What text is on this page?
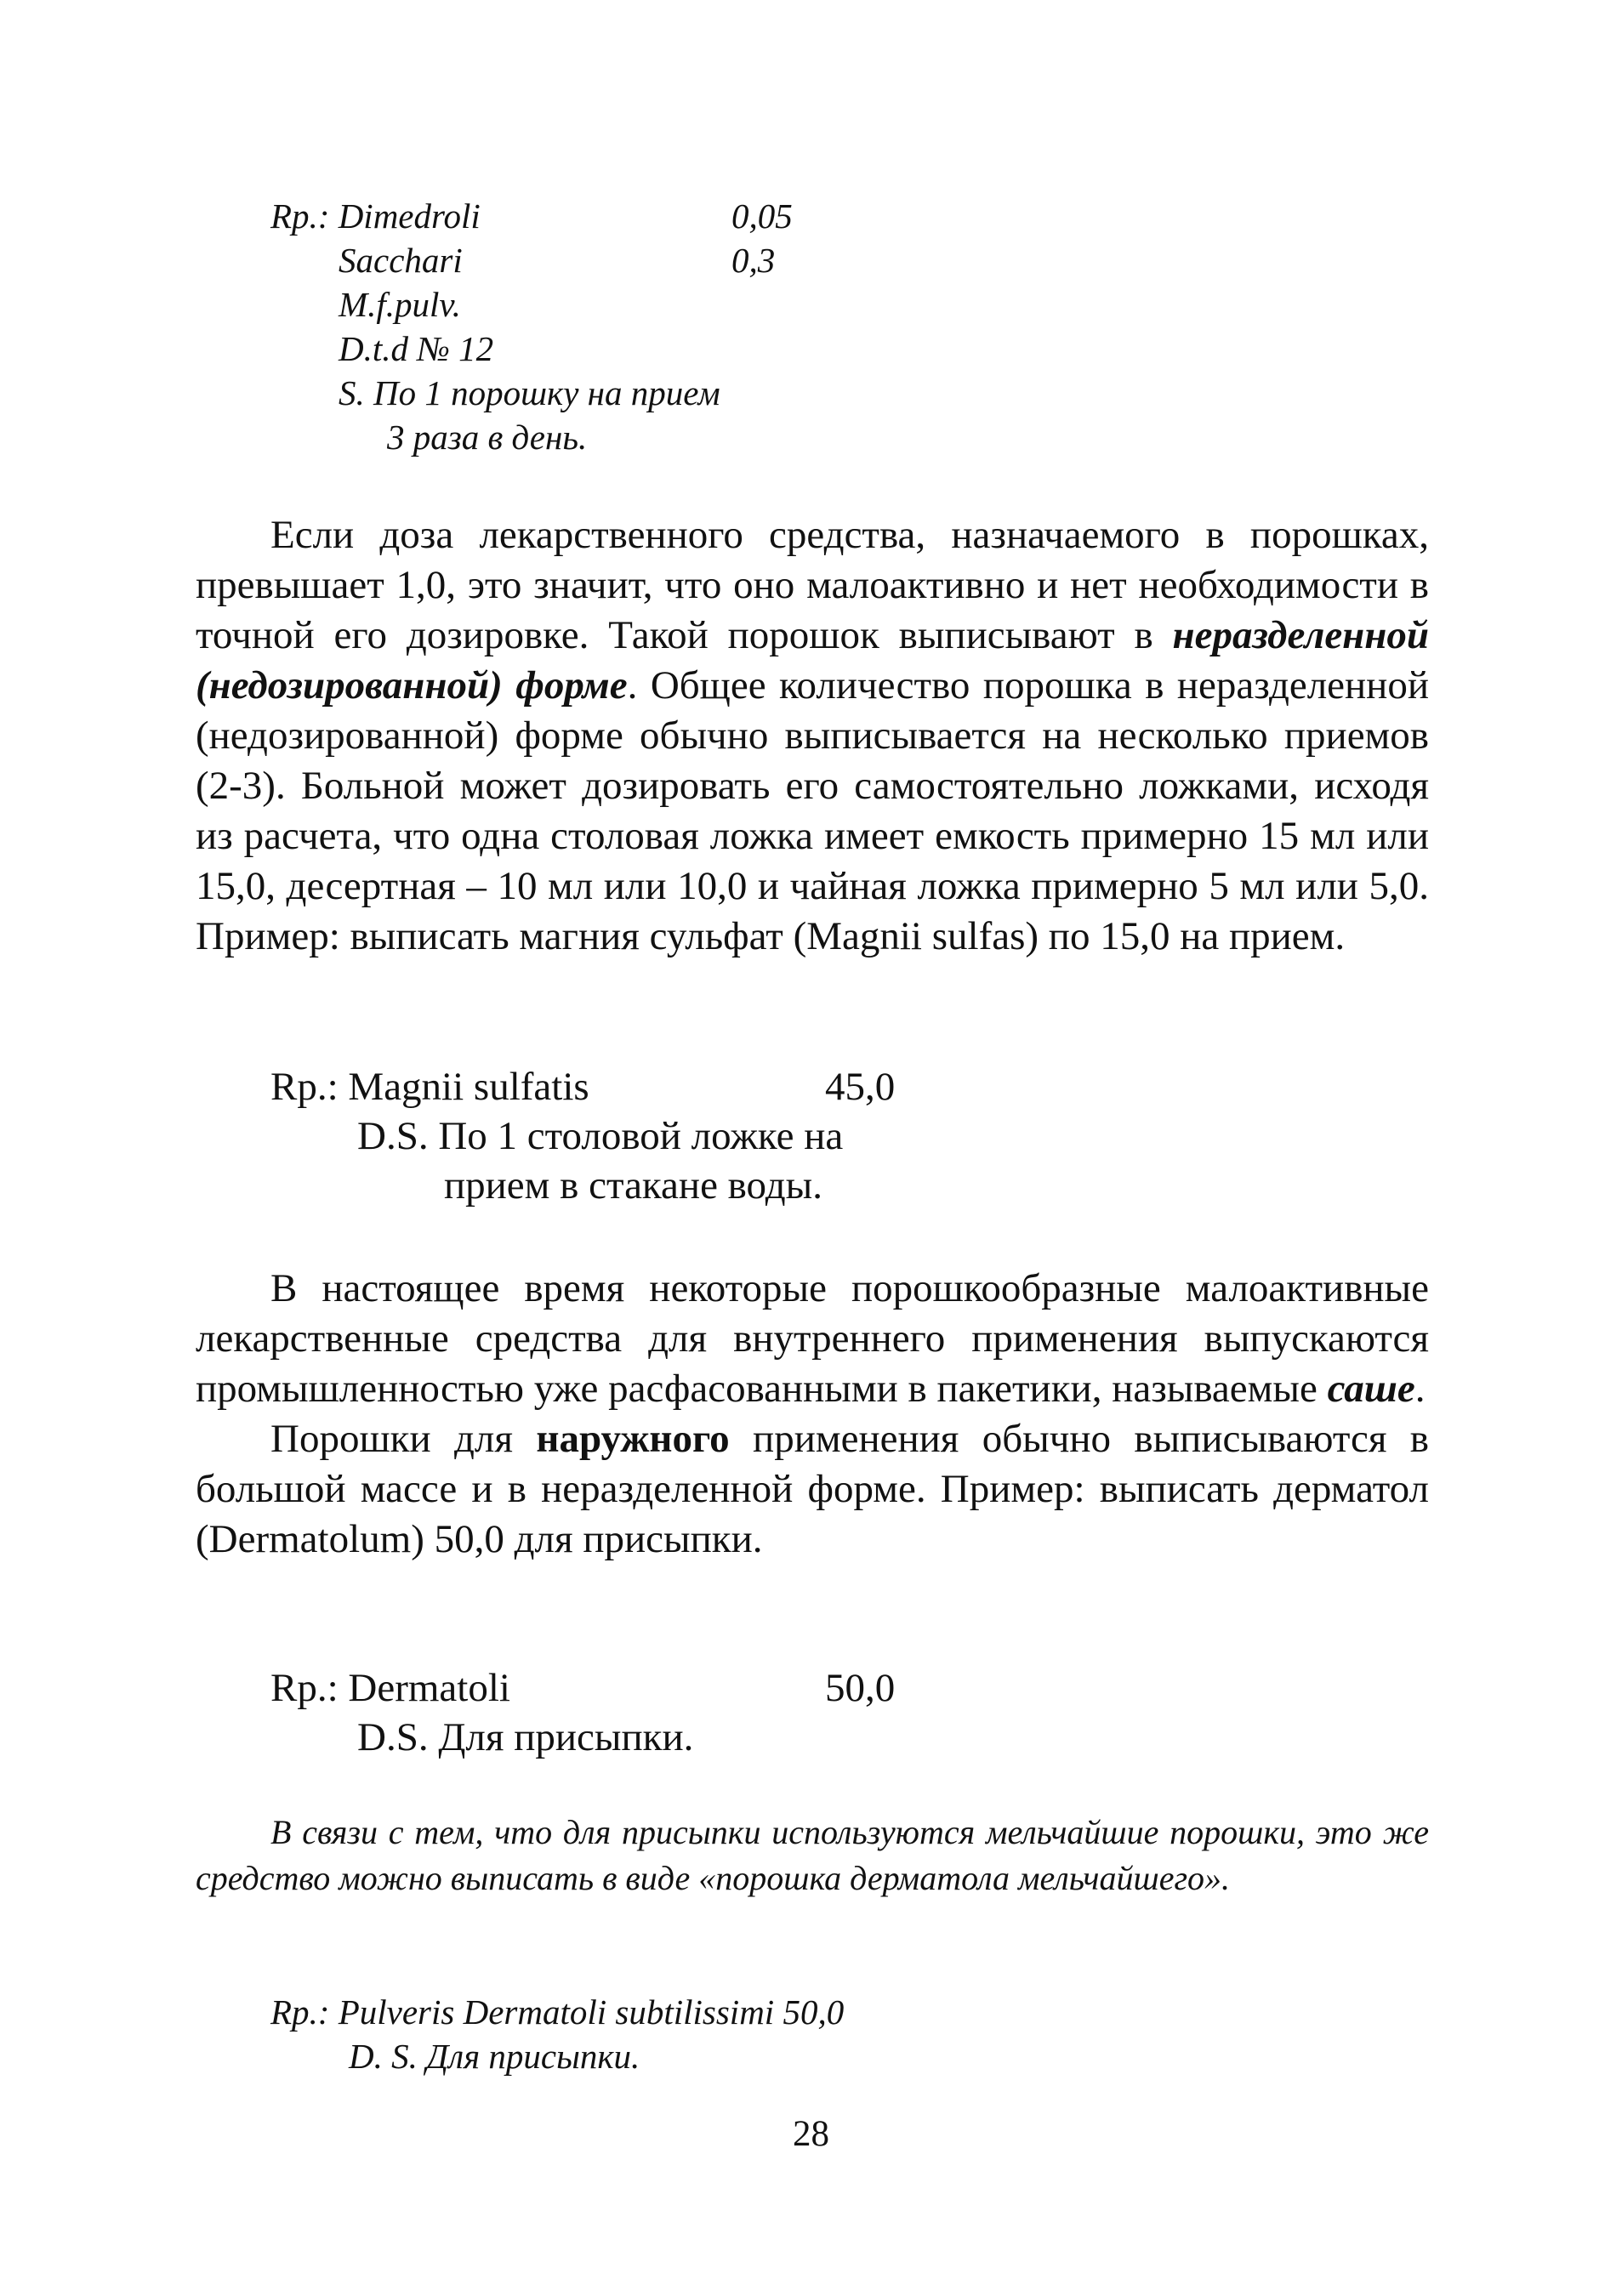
Rp.: Dimedroli	0,05
Sacchari	0,3
M.f.pulv.
D.t.d № 12
S. По 1 порошку на прием
3 раза в день.

Если доза лекарственного средства, назначаемого в порошках, превышает 1,0, это значит, что оно малоактивно и нет необходимости в точной его дозировке. Такой порошок выписывают в неразделенной (недозированной) форме. Общее количество порошка в неразделенной (недозированной) форме обычно выписывается на несколько приемов (2-3). Больной может дозировать его самостоятельно ложками, исходя из расчета, что одна столовая ложка имеет емкость примерно 15 мл или 15,0, десертная – 10 мл или 10,0 и чайная ложка примерно 5 мл или 5,0. Пример: выписать магния сульфат (Magnii sulfas) по 15,0 на прием.

Rp.: Magnii sulfatis	45,0
D.S. По 1 столовой ложке на
прием в стакане воды.

В настоящее время некоторые порошкообразные малоактивные лекарственные средства для внутреннего применения выпускаются промышленностью уже расфасованными в пакетики, называемые саше.

Порошки для наружного применения обычно выписываются в большой массе и в неразделенной форме. Пример: выписать дерматол (Dermatolum) 50,0 для присыпки.

Rp.: Dermatoli	50,0
D.S. Для присыпки.

В связи с тем, что для присыпки используются мельчайшие порошки, это же средство можно выписать в виде «порошка дерматола мельчайшего».

Rp.: Pulveris Dermatoli subtilissimi 50,0
D. S. Для присыпки.
28
